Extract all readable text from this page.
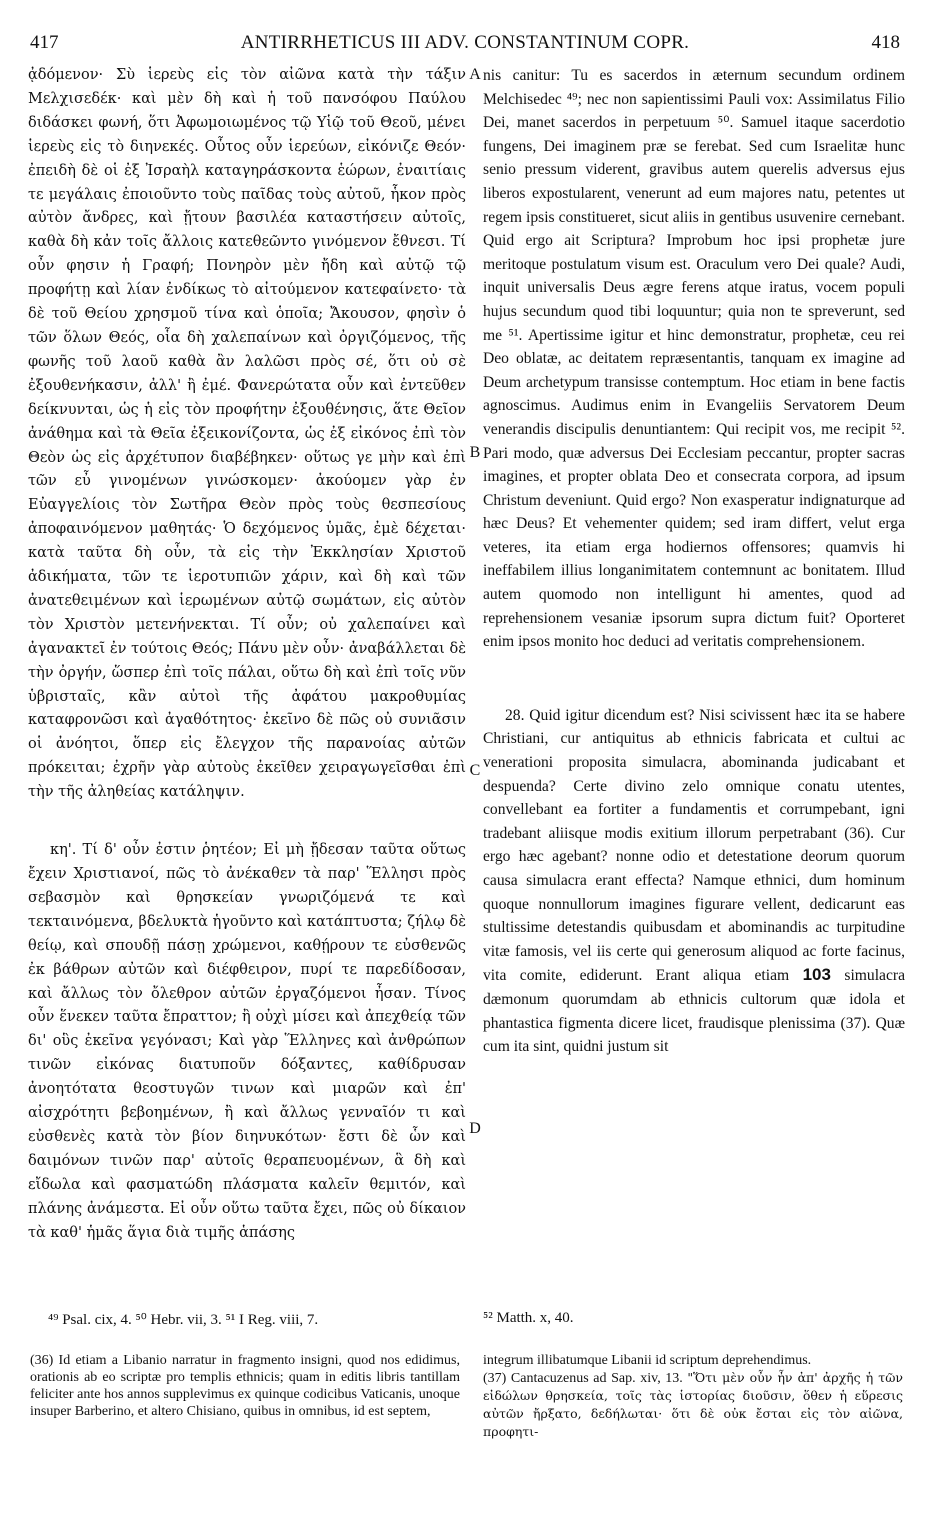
417	ANTIRRHETICUS III ADV. CONSTANTINUM COPR.	418

ᾀδόμενον· Σὺ ἱερεὺς εἰς τὸν αἰῶνα κατὰ τὴν τάξιν Μελχισεδέκ· καὶ μὲν δὴ καὶ ἡ τοῦ πανσόφου Παύλου διδάσκει φωνή, ὅτι Ἀφωμοιωμένος τῷ Υἱῷ τοῦ Θεοῦ, μένει ἱερεὺς εἰς τὸ διηνεκές. Οὗτος οὖν ἱερεύων, εἰκόνιζε Θεόν· ἐπειδὴ δὲ οἱ ἐξ Ἰσραὴλ καταγηράσκοντα ἑώρων, ἐναιτίαις τε μεγάλαις ἐποιοῦντο τοὺς παῖδας τοὺς αὐτοῦ, ἧκον πρὸς αὐτὸν ἄνδρες, καὶ ᾔτουν βασιλέα καταστήσειν αὐτοῖς, καθὰ δὴ κἀν τοῖς ἄλλοις κατεθεῶντο γινόμενον ἔθνεσι. Τί οὖν φησιν ἡ Γραφή; Πονηρὸν μὲν ἤδη καὶ αὐτῷ τῷ προφήτῃ καὶ λίαν ἐνδίκως τὸ αἰτούμενον κατεφαίνετο· τὰ δὲ τοῦ Θείου χρησμοῦ τίνα καὶ ὁποῖα; Ἄκουσον, φησὶν ὁ τῶν ὅλων Θεός, οἷα δὴ χαλεπαίνων καὶ ὀργιζόμενος, τῆς φωνῆς τοῦ λαοῦ καθὰ ἂν λαλῶσι πρὸς σέ, ὅτι οὐ σὲ ἐξουθενήκασιν, ἀλλ' ἢ ἐμέ. Φανερώτατα οὖν καὶ ἐντεῦθεν δείκνυνται, ὡς ἡ εἰς τὸν προφήτην ἐξουθένησις, ἅτε Θεῖον ἀνάθημα καὶ τὰ Θεῖα ἐξεικονίζοντα, ὡς ἐξ εἰκόνος ἐπὶ τὸν Θεὸν ὡς εἰς ἀρχέτυπον διαβέβηκεν· οὕτως γε μὴν καὶ ἐπὶ τῶν εὖ γινομένων γινώσκομεν· ἀκούομεν γὰρ ἐν Εὐαγγελίοις τὸν Σωτῆρα Θεὸν πρὸς τοὺς θεσπεσίους ἀποφαινόμενον μαθητάς· Ὁ δεχόμενος ὑμᾶς, ἐμὲ δέχεται· κατὰ ταῦτα δὴ οὖν, τὰ εἰς τὴν Ἐκκλησίαν Χριστοῦ ἀδικήματα, τῶν τε ἱεροτυπιῶν χάριν, καὶ δὴ καὶ τῶν ἀνατεθειμένων καὶ ἱερωμένων αὐτῷ σωμάτων, εἰς αὐτὸν τὸν Χριστὸν μετενήνεκται. Τί οὖν; οὐ χαλεπαίνει καὶ ἀγανακτεῖ ἐν τούτοις Θεός; Πάνυ μὲν οὖν· ἀναβάλλεται δὲ τὴν ὀργήν, ὥσπερ ἐπὶ τοῖς πάλαι, οὕτω δὴ καὶ ἐπὶ τοῖς νῦν ὑβρισταῖς, κἂν αὐτοὶ τῆς ἀφάτου μακροθυμίας καταφρονῶσι καὶ ἀγαθότητος· ἐκεῖνο δὲ πῶς οὐ συνιᾶσιν οἱ ἀνόητοι, ὅπερ εἰς ἔλεγχον τῆς παρανοίας αὐτῶν πρόκειται; ἐχρῆν γὰρ αὐτοὺς ἐκεῖθεν χειραγωγεῖσθαι ἐπὶ τὴν τῆς ἀληθείας κατάληψιν.

κη'. Τί δ' οὖν ἐστιν ῥητέον; Εἰ μὴ ᾔδεσαν ταῦτα οὕτως ἔχειν Χριστιανοί, πῶς τὸ ἀνέκαθεν τὰ παρ' Ἕλλησι πρὸς σεβασμὸν καὶ θρησκείαν γνωριζόμενά τε καὶ τεκταινόμενα, βδελυκτὰ ἡγοῦντο καὶ κατάπτυστα; ζήλῳ δὲ θείῳ, καὶ σπουδῇ πάσῃ χρώμενοι, καθῄρουν τε εὐσθενῶς ἐκ βάθρων αὐτῶν καὶ διέφθειρον, πυρί τε παρεδίδοσαν, καὶ ἄλλως τὸν ὄλεθρον αὐτῶν ἐργαζόμενοι ἦσαν. Τίνος οὖν ἕνεκεν ταῦτα ἔπραττον; ἢ οὐχὶ μίσει καὶ ἀπεχθείᾳ τῶν δι' οὓς ἐκεῖνα γεγόνασι; Καὶ γὰρ Ἕλληνες καὶ ἀνθρώπων τινῶν εἰκόνας διατυποῦν δόξαντες, καθίδρυσαν ἀνοητότατα θεοστυγῶν τινων καὶ μιαρῶν καὶ ἐπ' αἰσχρότητι βεβοημένων, ἢ καὶ ἄλλως γενναῖόν τι καὶ εὐσθενὲς κατὰ τὸν βίον διηνυκότων· ἔστι δὲ ὧν καὶ δαιμόνων τινῶν παρ' αὐτοῖς θεραπευομένων, ἃ δὴ καὶ εἴδωλα καὶ φασματώδη πλάσματα καλεῖν θεμιτόν, καὶ πλάνης ἀνάμεστα. Εἰ οὖν οὕτω ταῦτα ἔχει, πῶς οὐ δίκαιον τὰ καθ' ἡμᾶς ἅγια διὰ τιμῆς ἁπάσης

A
B
C
D

nis canitur: Tu es sacerdos in æternum secundum ordinem Melchisedec ⁴⁹; nec non sapientissimi Pauli vox: Assimilatus Filio Dei, manet sacerdos in perpetuum ⁵⁰. Samuel itaque sacerdotio fungens, Dei imaginem præ se ferebat. Sed cum Israelitæ hunc senio pressum viderent, gravibus autem querelis adversus ejus liberos expostularent, venerunt ad eum majores natu, petentes ut regem ipsis constitueret, sicut aliis in gentibus usuvenire cernebant. Quid ergo ait Scriptura? Improbum hoc ipsi prophetæ jure meritoque postulatum visum est. Oraculum vero Dei quale? Audi, inquit universalis Deus ægre ferens atque iratus, vocem populi hujus secundum quod tibi loquuntur; quia non te spreverunt, sed me ⁵¹. Apertissime igitur et hinc demonstratur, prophetæ, ceu rei Deo oblatæ, ac deitatem repræsentantis, tanquam ex imagine ad Deum archetypum transisse contemptum. Hoc etiam in bene factis agnoscimus. Audimus enim in Evangeliis Servatorem Deum venerandis discipulis denuntiantem: Qui recipit vos, me recipit ⁵². Pari modo, quæ adversus Dei Ecclesiam peccantur, propter sacras imagines, et propter oblata Deo et consecrata corpora, ad ipsum Christum deveniunt. Quid ergo? Non exasperatur indignaturque ad hæc Deus? Et vehementer quidem; sed iram differt, velut erga veteres, ita etiam erga hodiernos offensores; quamvis hi ineffabilem illius longanimitatem contemnunt ac bonitatem. Illud autem quomodo non intelligunt hi amentes, quod ad reprehensionem vesaniæ ipsorum supra dictum fuit? Oporteret enim ipsos monito hoc deduci ad veritatis comprehensionem.

28. Quid igitur dicendum est? Nisi scivissent hæc ita se habere Christiani, cur antiquitus ab ethnicis fabricata et cultui ac venerationi proposita simulacra, abominanda judicabant et despuenda? Certe divino zelo omnique conatu utentes, convellebant ea fortiter a fundamentis et corrumpebant, igni tradebant aliisque modis exitium illorum perpetrabant (36). Cur ergo hæc agebant? nonne odio et detestatione deorum quorum causa simulacra erant effecta? Namque ethnici, dum hominum quoque nonnullorum imagines figurare vellent, dedicarunt eas stultissime detestandis quibusdam et abominandis ac turpitudine vitæ famosis, vel iis certe qui generosum aliquod ac forte facinus, vita comite, ediderunt. Erant aliqua etiam 103 simulacra dæmonum quorumdam ab ethnicis cultorum quæ idola et phantastica figmenta dicere licet, fraudisque plenissima (37). Quæ cum ita sint, quidni justum sit

⁴⁹ Psal. cix, 4. ⁵⁰ Hebr. vii, 3. ⁵¹ I Reg. viii, 7.	⁵² Matth. x, 40.

(36) Id etiam a Libanio narratur in fragmento insigni, quod nos edidimus, orationis ab eo scriptæ pro templis ethnicis; quam in editis libris tantillam feliciter ante hos annos supplevimus ex quinque codicibus Vaticanis, unoque insuper Barberino, et altero Chisiano, quibus in omnibus, id est septem,

integrum illibatumque Libanii id scriptum deprehendimus.

(37) Cantacuzenus ad Sap. xiv, 13. "Ὅτι μὲν οὖν ἦν ἀπ' ἀρχῆς ἡ τῶν εἰδώλων θρησκεία, τοῖς τὰς ἱστορίας διοῦσιν, ὅθεν ἡ εὕρεσις αὐτῶν ἤρξατο, δεδήλωται· ὅτι δὲ οὐκ ἔσται εἰς τὸν αἰῶνα, προφητι-
